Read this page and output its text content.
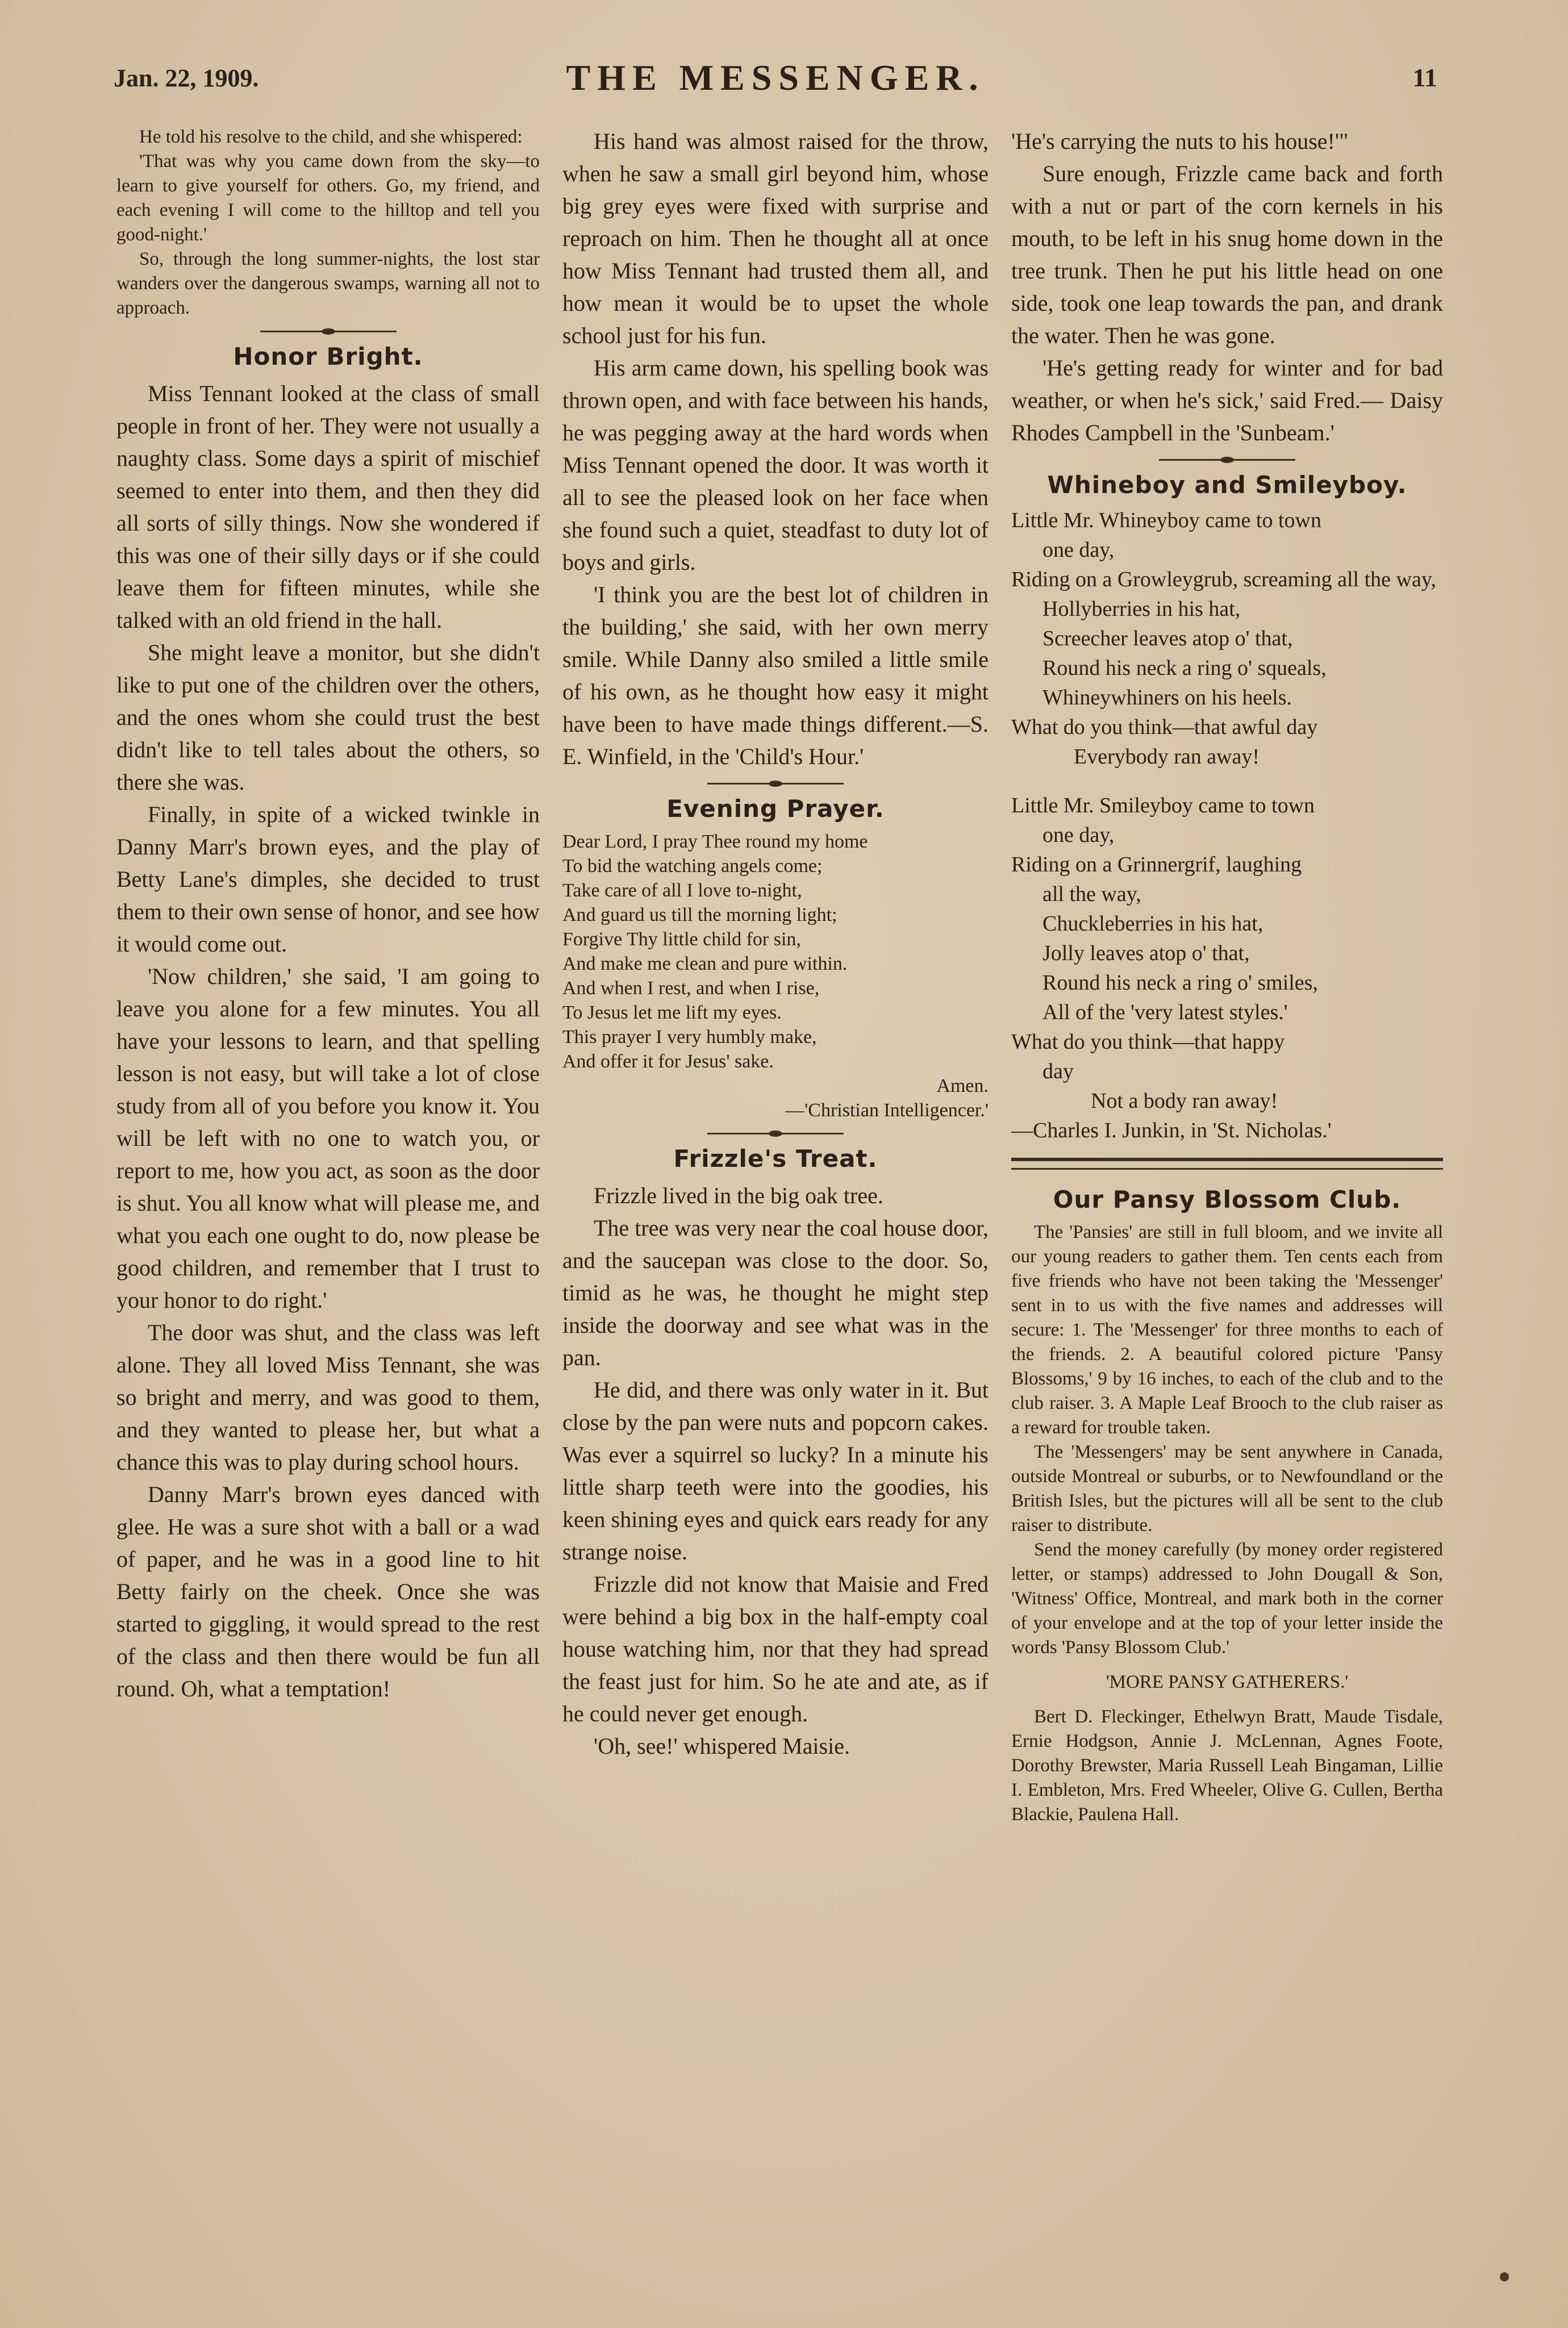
Jan. 22, 1909.	THE MESSENGER.	11

He told his resolve to the child, and she whispered:

'That was why you came down from the sky—to learn to give yourself for others. Go, my friend, and each evening I will come to the hilltop and tell you good-night.'

So, through the long summer-nights, the lost star wanders over the dangerous swamps, warning all not to approach.

Honor Bright.

Miss Tennant looked at the class of small people in front of her. They were not usually a naughty class. Some days a spirit of mischief seemed to enter into them, and then they did all sorts of silly things. Now she wondered if this was one of their silly days or if she could leave them for fifteen minutes, while she talked with an old friend in the hall.

She might leave a monitor, but she didn't like to put one of the children over the others, and the ones whom she could trust the best didn't like to tell tales about the others, so there she was.

Finally, in spite of a wicked twinkle in Danny Marr's brown eyes, and the play of Betty Lane's dimples, she decided to trust them to their own sense of honor, and see how it would come out.

'Now children,' she said, 'I am going to leave you alone for a few minutes. You all have your lessons to learn, and that spelling lesson is not easy, but will take a lot of close study from all of you before you know it. You will be left with no one to watch you, or report to me, how you act, as soon as the door is shut. You all know what will please me, and what you each one ought to do, now please be good children, and remember that I trust to your honor to do right.'

The door was shut, and the class was left alone. They all loved Miss Tennant, she was so bright and merry, and was good to them, and they wanted to please her, but what a chance this was to play during school hours.

Danny Marr's brown eyes danced with glee. He was a sure shot with a ball or a wad of paper, and he was in a good line to hit Betty fairly on the cheek. Once she was started to giggling, it would spread to the rest of the class and then there would be fun all round. Oh, what a temptation!

His hand was almost raised for the throw, when he saw a small girl beyond him, whose big grey eyes were fixed with surprise and reproach on him. Then he thought all at once how Miss Tennant had trusted them all, and how mean it would be to upset the whole school just for his fun.

His arm came down, his spelling book was thrown open, and with face between his hands, he was pegging away at the hard words when Miss Tennant opened the door. It was worth it all to see the pleased look on her face when she found such a quiet, steadfast to duty lot of boys and girls.

'I think you are the best lot of children in the building,' she said, with her own merry smile. While Danny also smiled a little smile of his own, as he thought how easy it might have been to have made things different.—S. E. Winfield, in the 'Child's Hour.'

Evening Prayer.
Dear Lord, I pray Thee round my home
To bid the watching angels come;
Take care of all I love to-night,
And guard us till the morning light;
Forgive Thy little child for sin,
And make me clean and pure within.
And when I rest, and when I rise,
To Jesus let me lift my eyes.
This prayer I very humbly make,
And offer it for Jesus' sake.
Amen.
—'Christian Intelligencer.'
Frizzle's Treat.

Frizzle lived in the big oak tree.

The tree was very near the coal house door, and the saucepan was close to the door. So, timid as he was, he thought he might step inside the doorway and see what was in the pan.

He did, and there was only water in it. But close by the pan were nuts and popcorn cakes. Was ever a squirrel so lucky? In a minute his little sharp teeth were into the goodies, his keen shining eyes and quick ears ready for any strange noise.

Frizzle did not know that Maisie and Fred were behind a big box in the half-empty coal house watching him, nor that they had spread the feast just for him. So he ate and ate, as if he could never get enough.

'Oh, see!' whispered Maisie.

'He's carrying the nuts to his house!'"

Sure enough, Frizzle came back and forth with a nut or part of the corn kernels in his mouth, to be left in his snug home down in the tree trunk. Then he put his little head on one side, took one leap towards the pan, and drank the water. Then he was gone.

'He's getting ready for winter and for bad weather, or when he's sick,' said Fred.— Daisy Rhodes Campbell in the 'Sunbeam.'

Whineboy and Smileyboy.
Little Mr. Whineyboy came to town
one day,
Riding on a Growleygrub, screaming all the way,
Hollyberries in his hat,
Screecher leaves atop o' that,
Round his neck a ring o' squeals,
Whineywhiners on his heels.
What do you think—that awful day
Everybody ran away!
Little Mr. Smileyboy came to town
one day,
Riding on a Grinnergrif, laughing
all the way,
Chuckleberries in his hat,
Jolly leaves atop o' that,
Round his neck a ring o' smiles,
All of the 'very latest styles.'
What do you think—that happy
day
Not a body ran away!
—Charles I. Junkin, in 'St. Nicholas.'
Our Pansy Blossom Club.

The 'Pansies' are still in full bloom, and we invite all our young readers to gather them. Ten cents each from five friends who have not been taking the 'Messenger' sent in to us with the five names and addresses will secure: 1. The 'Messenger' for three months to each of the friends. 2. A beautiful colored picture 'Pansy Blossoms,' 9 by 16 inches, to each of the club and to the club raiser. 3. A Maple Leaf Brooch to the club raiser as a reward for trouble taken.

The 'Messengers' may be sent anywhere in Canada, outside Montreal or suburbs, or to Newfoundland or the British Isles, but the pictures will all be sent to the club raiser to distribute.

Send the money carefully (by money order registered letter, or stamps) addressed to John Dougall & Son, 'Witness' Office, Montreal, and mark both in the corner of your envelope and at the top of your letter inside the words 'Pansy Blossom Club.'

'MORE PANSY GATHERERS.'

Bert D. Fleckinger, Ethelwyn Bratt, Maude Tisdale, Ernie Hodgson, Annie J. McLennan, Agnes Foote, Dorothy Brewster, Maria Russell Leah Bingaman, Lillie I. Embleton, Mrs. Fred Wheeler, Olive G. Cullen, Bertha Blackie, Paulena Hall.
